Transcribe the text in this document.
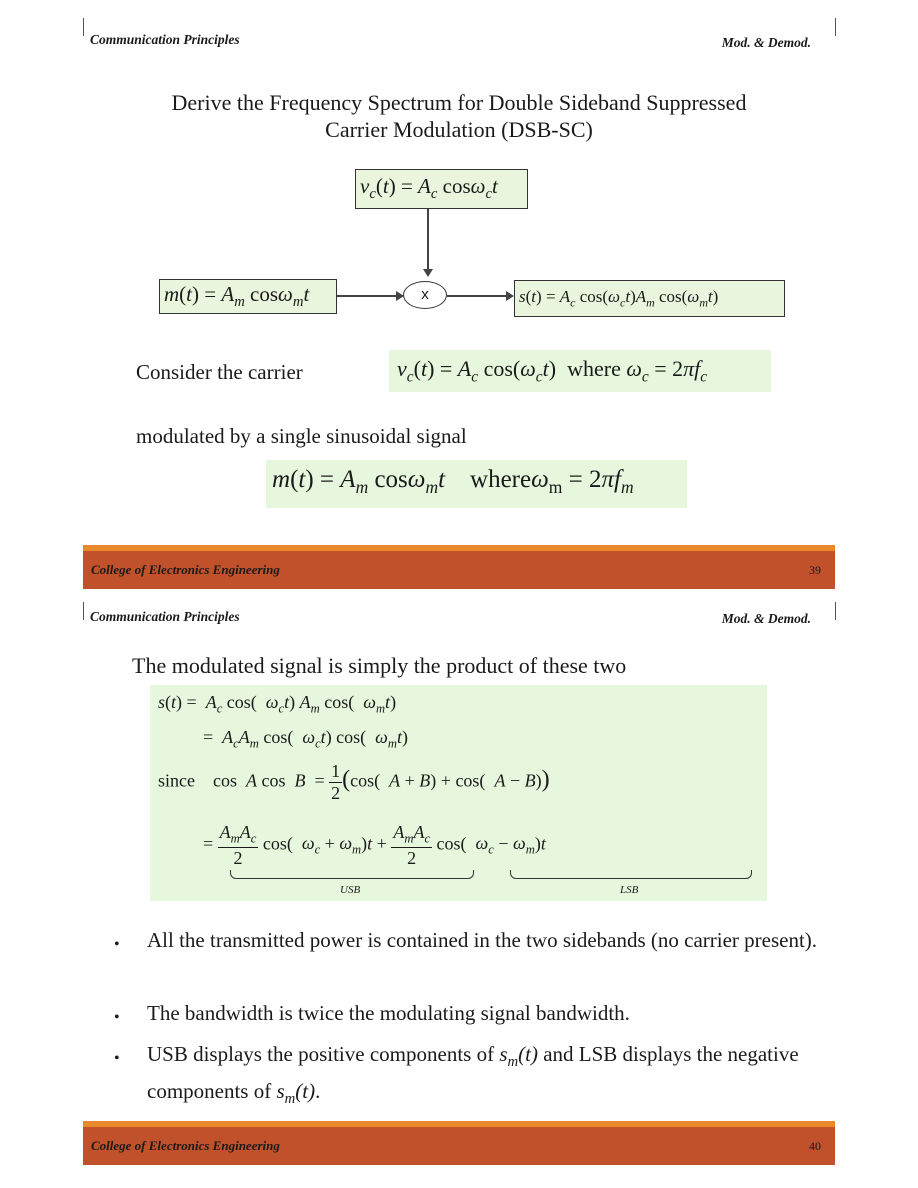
Communication Principles	Mod. & Demod.
Derive the Frequency Spectrum for Double Sideband Suppressed
Carrier Modulation (DSB-SC)
$v_c(t) = A_c$ cosω$_c$t
$m(t) = A_m$ cosω$_m$t	x	$s(t) = A_c$ $\cos(\omega_ct)A_m$ $\cos(\omega_mt)$
Consider the carrier	$v_c(t) = A_c$ $\cos(\omega_ct)$  where $\omega_c = 2\pi f_c$
modulated by a single sinusoidal signal
$m(t) = A_m$ cosω$_m$t whereω$_m$ = $2\pi f_m$
College of Electronics Engineering	39
Communication Principles	Mod. & Demod.
The modulated signal is simply the product of these two
$s(t) = A_c$ cos(  $\omega_ct$) $A_m$ cos(  $\omega_mt$)
=  $A_cA_m$ cos(  $\omega_ct$) cos(  $\omega_mt$)
since    cos  A $\cos B = \frac{1}{2} (\cos$(  A + B) + cos(  A − B))
= $\frac{A_mA_c}{2} \cos$(  $\omega_c + \omega_m)t + \frac{A_mA_c}{2} \cos$(  $\omega_c - \omega_m)t$
USB	LSB
• All the transmitted power is contained in the two sidebands (no carrier present).
• The bandwidth is twice the modulating signal bandwidth.
• USB displays the positive components of $s_m(t)$ and LSB displays the negative components of $s_m(t)$.
College of Electronics Engineering	40
